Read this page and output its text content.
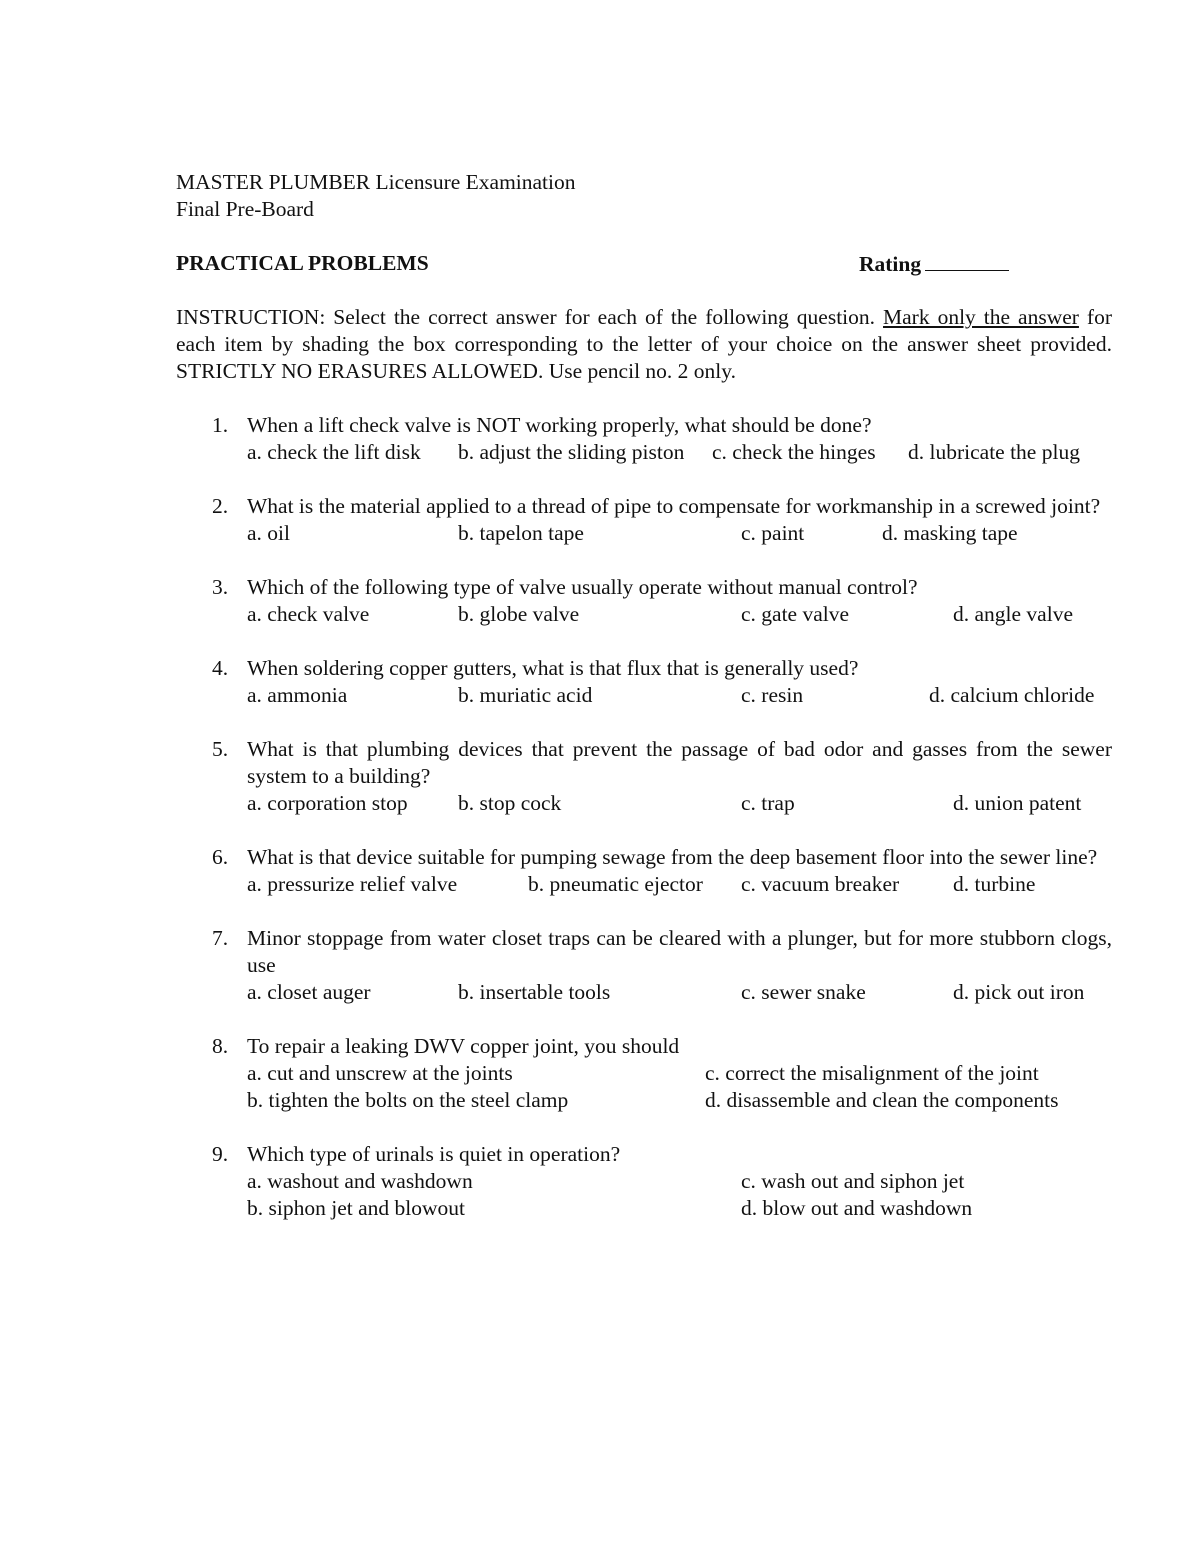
MASTER PLUMBER Licensure Examination
Final Pre-Board
PRACTICAL PROBLEMS	Rating
INSTRUCTION: Select the correct answer for each of the following question. Mark only the answer for each item by shading the box corresponding to the letter of your choice on the answer sheet provided. STRICTLY NO ERASURES ALLOWED. Use pencil no. 2 only.
1. When a lift check valve is NOT working properly, what should be done?
a. check the lift disk b. adjust the sliding piston c. check the hinges d. lubricate the plug
2. What is the material applied to a thread of pipe to compensate for workmanship in a screwed joint?
a. oil	b. tapelon tape	c. paint	d. masking tape
3. Which of the following type of valve usually operate without manual control?
a. check valve	b. globe valve	c. gate valve	d. angle valve
4. When soldering copper gutters, what is that flux that is generally used?
a. ammonia	b. muriatic acid	c. resin	d. calcium chloride
5. What is that plumbing devices that prevent the passage of bad odor and gasses from the sewer system to a building?
a. corporation stop b. stop cock	c. trap	d. union patent
6. What is that device suitable for pumping sewage from the deep basement floor into the sewer line?
a. pressurize relief valve	b. pneumatic ejector c. vacuum breaker	d. turbine
7. Minor stoppage from water closet traps can be cleared with a plunger, but for more stubborn clogs, use
a. closet auger	b. insertable tools	c. sewer snake	d. pick out iron
8. To repair a leaking DWV copper joint, you should
a. cut and unscrew at the joints	c. correct the misalignment of the joint
b. tighten the bolts on the steel clamp	d. disassemble and clean the components
9. Which type of urinals is quiet in operation?
a. washout and washdown	c. wash out and siphon jet
b. siphon jet and blowout	d. blow out and washdown
